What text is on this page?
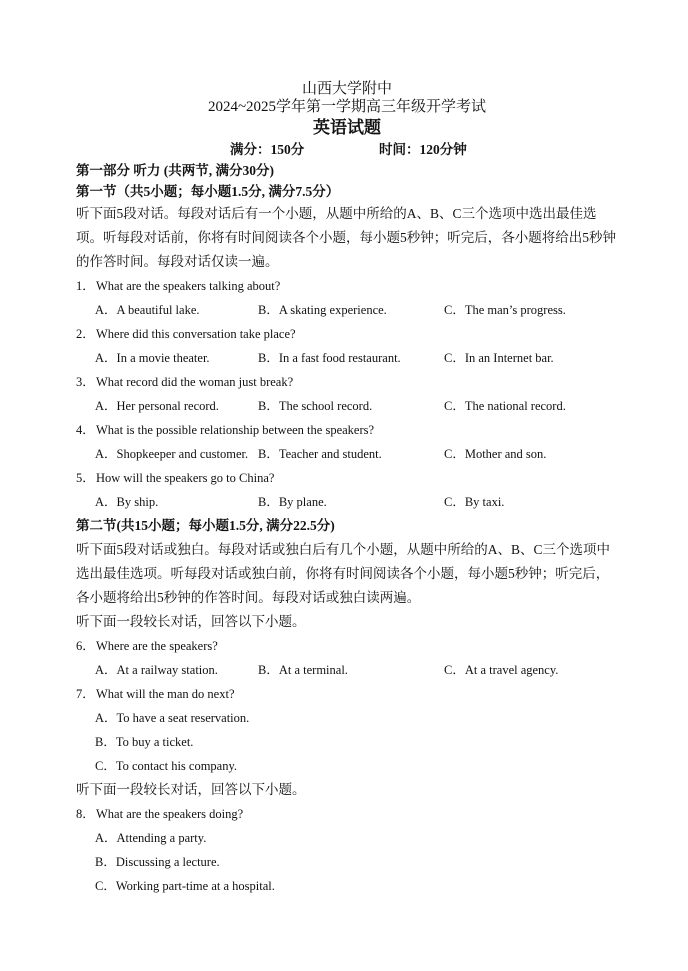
山西大学附中
2024~2025学年第一学期高三年级开学考试
英语试题
满分：150分	时间：120分钟
第一部分 听力 (共两节, 满分30分)
第一节（共5小题；每小题1.5分, 满分7.5分）
听下面5段对话。每段对话后有一个小题，从题中所给的A、B、C三个选项中选出最佳选项。听每段对话前，你将有时间阅读各个小题，每小题5秒钟；听完后，各小题将给出5秒钟的作答时间。每段对话仅读一遍。
1．What are the speakers talking about?
A．A beautiful lake.	B．A skating experience.	C．The man’s progress.
2．Where did this conversation take place?
A．In a movie theater.	B．In a fast food restaurant.	C．In an Internet bar.
3．What record did the woman just break?
A．Her personal record.	B．The school record.	C．The national record.
4．What is the possible relationship between the speakers?
A．Shopkeeper and customer. B．Teacher and student.	C．Mother and son.
5．How will the speakers go to China?
A．By ship.	B．By plane.	C．By taxi.
第二节(共15小题；每小题1.5分, 满分22.5分)
听下面5段对话或独白。每段对话或独白后有几个小题，从题中所给的A、B、C三个选项中选出最佳选项。听每段对话或独白前，你将有时间阅读各个小题，每小题5秒钟；听完后，各小题将给出5秒钟的作答时间。每段对话或独白读两遍。
听下面一段较长对话，回答以下小题。
6．Where are the speakers?
A．At a railway station.	B．At a terminal.	C．At a travel agency.
7．What will the man do next?
A．To have a seat reservation.
B．To buy a ticket.
C．To contact his company.
听下面一段较长对话，回答以下小题。
8．What are the speakers doing?
A．Attending a party.
B．Discussing a lecture.
C．Working part-time at a hospital.
